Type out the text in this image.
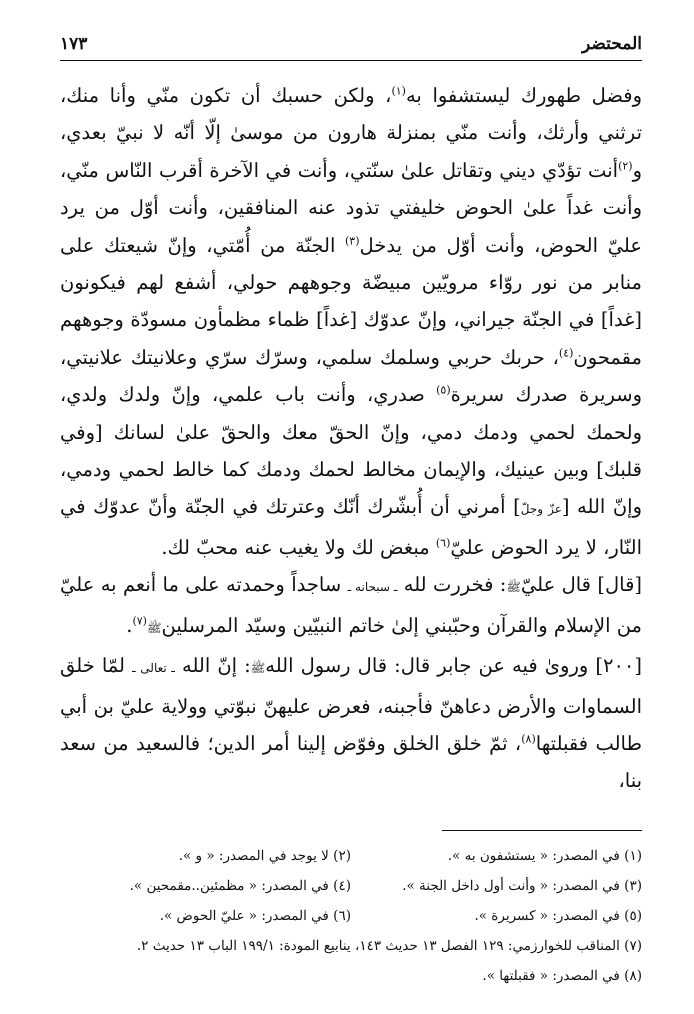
المحتضر
١٧٣

وفضل طهورك ليستشفوا به$^{(١)}$، ولكن حسبك أن تكون منّي وأنا منك، ترثني وأرثك، وأنت منّي بمنزلة هارون من موسىٰ إلّا أنّه لا نبيّ بعدي، و$^{(٢)}$أنت تؤدّي ديني وتقاتل علىٰ سنّتي، وأنت في الآخرة أقرب النّاس منّي، وأنت غداً علىٰ الحوض خليفتي تذود عنه المنافقين، وأنت أوّل من يرد عليّ الحوض، وأنت أوّل من يدخل$^{(٣)}$ الجنّة من أُمّتي، وإنّ شيعتك على منابر من نور روّاء مرويّين مبيضّة وجوههم حولي، أشفع لهم فيكونون [غداً] في الجنّة جيراني، وإنّ عدوّك [غداً] ظماء مظمأون مسودّة وجوههم مقمحون$^{(٤)}$، حربك حربي وسلمك سلمي، وسرّك سرّي وعلانيتك علانيتي، وسريرة صدرك سريرة$^{(٥)}$ صدري، وأنت باب علمي، وإنّ ولدك ولدي، ولحمك لحمي ودمك دمي، وإنّ الحقّ معك والحقّ علىٰ لسانك [وفي قلبك] وبين عينيك، والإيمان مخالط لحمك ودمك كما خالط لحمي ودمي، وإنّ الله [عزّ وجلّ] أمرني أن أُبشّرك أنّك وعترتك في الجنّة وأنّ عدوّك في النّار، لا يرد الحوض عليّ$^{(٦)}$ مبغض لك ولا يغيب عنه محبّ لك.

[قال] قال عليّﷺ: فخررت لله ـ سبحانه ـ ساجداً وحمدته على ما أنعم به عليّ من الإسلام والقرآن وحبّبني إلىٰ خاتم النبيّين وسيّد المرسلينﷺ$^{(٧)}$.

[٢٠٠] وروىٰ فيه عن جابر قال: قال رسول اللهﷺ: إنّ الله ـ تعالى ـ لمّا خلق السماوات والأرض دعاهنّ فأجبنه، فعرض عليهنّ نبوّتي وولاية عليّ بن أبي طالب فقبلتها$^{(٨)}$، ثمّ خلق الخلق وفوّض إلينا أمر الدين؛ فالسعيد من سعد بنا،

(١) في المصدر: « يستشفون به ».
(٢) لا يوجد في المصدر: « و ».
(٣) في المصدر: « وأنت أول داخل الجنة ».
(٤) في المصدر: « مظمئين..مقمحين ».
(٥) في المصدر: « كسريرة ».
(٦) في المصدر: « عليّ الحوض ».
(٧) المناقب للخوارزمي: ١٢٩ الفصل ١٣ حديث ١٤٣، ينابيع المودة: ١٩٩/١ الباب ١٣ حديث ٢.
(٨) في المصدر: « فقبلتها ».
